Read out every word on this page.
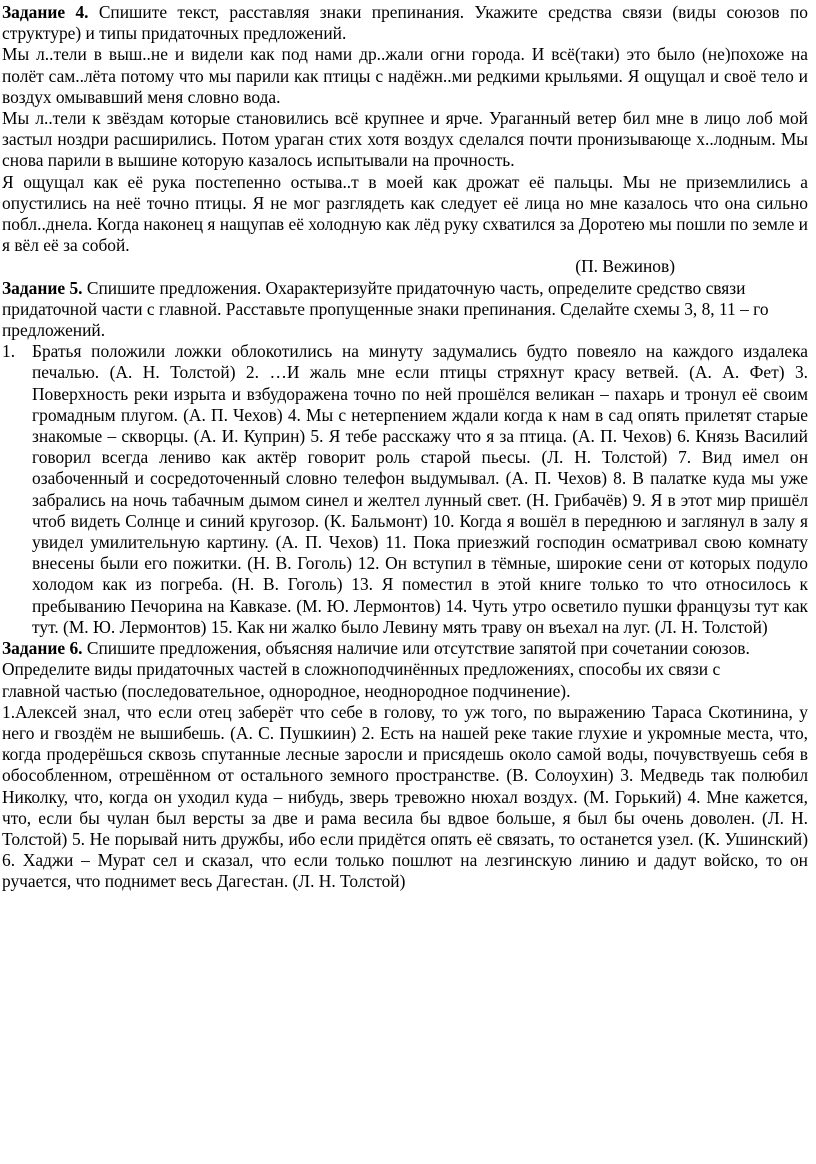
Задание 4. Спишите текст, расставляя знаки препинания. Укажите средства связи (виды союзов по структуре) и типы придаточных предложений.

Мы л..тели в выш..не и видели как под нами др..жали огни города. И всё(таки) это было (не)похоже на полёт сам..лёта потому что мы парили как птицы с надёжн..ми редкими крыльями. Я ощущал и своё тело и воздух омывавший меня словно вода.

Мы л..тели к звёздам которые становились всё крупнее и ярче. Ураганный ветер бил мне в лицо лоб мой застыл ноздри расширились. Потом ураган стих хотя воздух сделался почти пронизывающе х..лодным. Мы снова парили в вышине которую казалось испытывали на прочность.

Я ощущал как её рука постепенно остыва..т в моей как дрожат её пальцы. Мы не приземлились а опустились на неё точно птицы. Я не мог разглядеть как следует её лица но мне казалось что она сильно побл..днела. Когда наконец я нащупав её холодную как лёд руку схватился за Доротею мы пошли по земле и я вёл её за собой.

(П. Вежинов)

Задание 5. Спишите предложения. Охарактеризуйте придаточную часть, определите средство связи придаточной части с главной. Расставьте пропущенные знаки препинания. Сделайте схемы 3, 8, 11 – го предложений.

1. Братья положили ложки облокотились на минуту задумались будто повеяло на каждого издалека печалью. (А. Н. Толстой) 2. …И жаль мне если птицы стряхнут красу ветвей. (А. А. Фет) 3. Поверхность реки изрыта и взбудоражена точно по ней прошёлся великан – пахарь и тронул её своим громадным плугом. (А. П. Чехов) 4. Мы с нетерпением ждали когда к нам в сад опять прилетят старые знакомые – скворцы. (А. И. Куприн) 5. Я тебе расскажу что я за птица. (А. П. Чехов) 6. Князь Василий говорил всегда лениво как актёр говорит роль старой пьесы. (Л. Н. Толстой) 7. Вид имел он озабоченный и сосредоточенный словно телефон выдумывал. (А. П. Чехов) 8. В палатке куда мы уже забрались на ночь табачным дымом синел и желтел лунный свет. (Н. Грибачёв) 9. Я в этот мир пришёл чтоб видеть Солнце и синий кругозор. (К. Бальмонт) 10. Когда я вошёл в переднюю и заглянул в залу я увидел умилительную картину. (А. П. Чехов) 11. Пока приезжий господин осматривал свою комнату внесены были его пожитки. (Н. В. Гоголь) 12. Он вступил в тёмные, широкие сени от которых подуло холодом как из погреба. (Н. В. Гоголь) 13. Я поместил в этой книге только то что относилось к пребыванию Печорина на Кавказе. (М. Ю. Лермонтов) 14. Чуть утро осветило пушки французы тут как тут. (М. Ю. Лермонтов) 15. Как ни жалко было Левину мять траву он въехал на луг. (Л. Н. Толстой)

Задание 6. Спишите предложения, объясняя наличие или отсутствие запятой при сочетании союзов. Определите виды придаточных частей в сложноподчинённых предложениях, способы их связи с главной частью (последовательное, однородное, неоднородное подчинение).

1.Алексей знал, что если отец заберёт что себе в голову, то уж того, по выражению Тараса Скотинина, у него и гвоздём не вышибешь. (А. С. Пушкиин) 2. Есть на нашей реке такие глухие и укромные места, что, когда продерёшься сквозь спутанные лесные заросли и присядешь около самой воды, почувствуешь себя в обособленном, отрешённом от остального земного пространстве. (В. Солоухин) 3. Медведь так полюбил Николку, что, когда он уходил куда – нибудь, зверь тревожно нюхал воздух. (М. Горький) 4. Мне кажется, что, если бы чулан был версты за две и рама весила бы вдвое больше, я был бы очень доволен. (Л. Н. Толстой) 5. Не порывай нить дружбы, ибо если придётся опять её связать, то останется узел. (К. Ушинский) 6. Хаджи – Мурат сел и сказал, что если только пошлют на лезгинскую линию и дадут войско, то он ручается, что поднимет весь Дагестан. (Л. Н. Толстой)
